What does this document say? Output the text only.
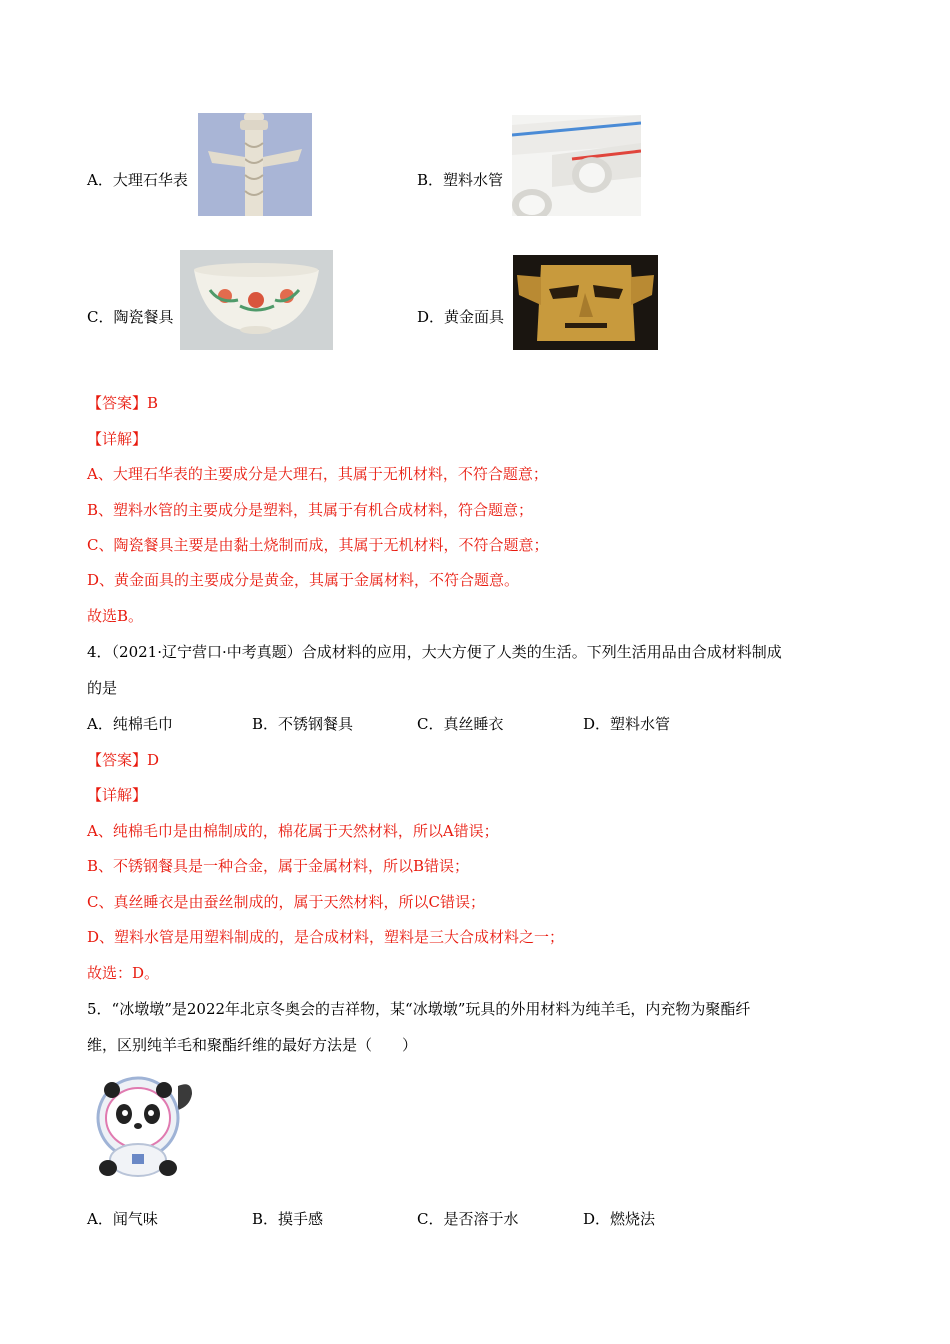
A．大理石华表	B．塑料水管
C．陶瓷餐具	D．黄金面具
【答案】B
【详解】
A、大理石华表的主要成分是大理石，其属于无机材料，不符合题意；
B、塑料水管的主要成分是塑料，其属于有机合成材料，符合题意；
C、陶瓷餐具主要是由黏土烧制而成，其属于无机材料，不符合题意；
D、黄金面具的主要成分是黄金，其属于金属材料，不符合题意。
故选B。
4．（2021·辽宁营口·中考真题）合成材料的应用，大大方便了人类的生活。下列生活用品由合成材料制成
的是
A．纯棉毛巾	B．不锈钢餐具	C．真丝睡衣	D．塑料水管
【答案】D
【详解】
A、纯棉毛巾是由棉制成的，棉花属于天然材料，所以A错误；
B、不锈钢餐具是一种合金，属于金属材料，所以B错误；
C、真丝睡衣是由蚕丝制成的，属于天然材料，所以C错误；
D、塑料水管是用塑料制成的，是合成材料，塑料是三大合成材料之一；
故选：D。
5．“冰墩墩”是2022年北京冬奥会的吉祥物，某“冰墩墩”玩具的外用材料为纯羊毛，内充物为聚酯纤
维，区别纯羊毛和聚酯纤维的最好方法是（　　）
A．闻气味	B．摸手感	C．是否溶于水	D．燃烧法
